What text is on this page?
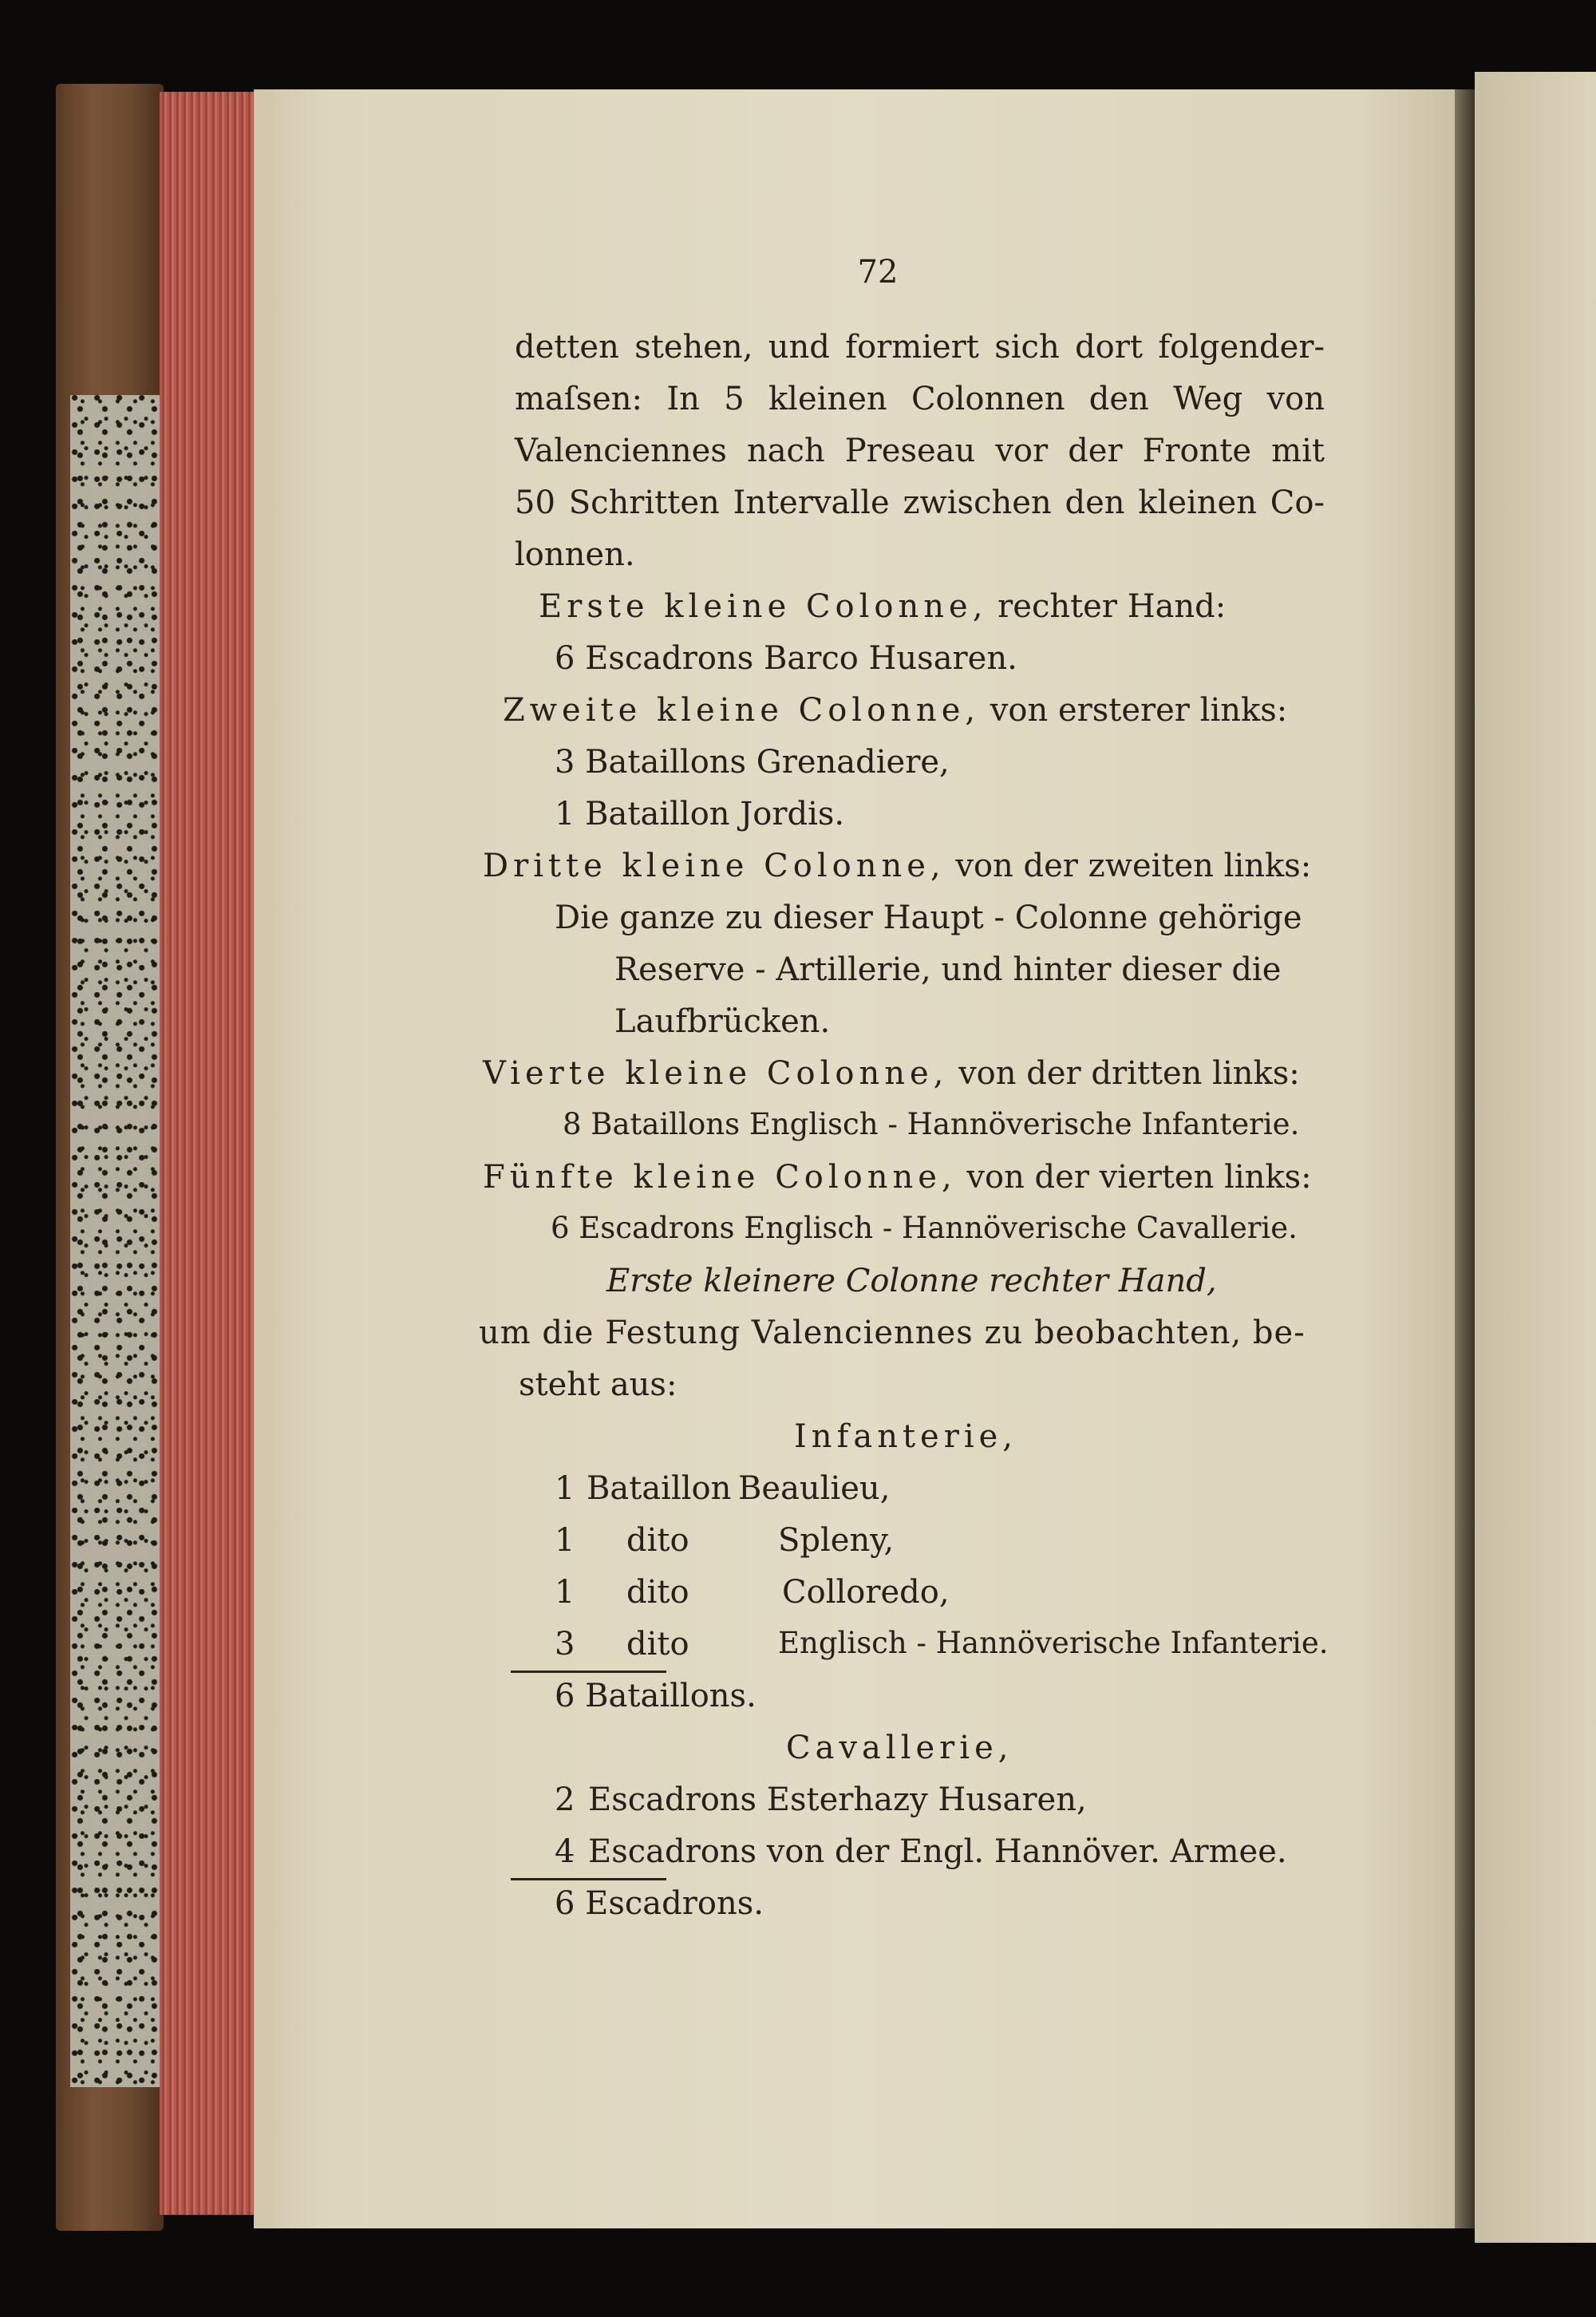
72
detten stehen, und formiert sich dort folgender-
maſsen: In 5 kleinen Colonnen den Weg von
Valenciennes nach Preseau vor der Fronte mit
50 Schritten Intervalle zwischen den kleinen Co-
lonnen.
Erste kleine Colonne, rechter Hand:
6 Escadrons Barco Husaren.
Zweite kleine Colonne, von ersterer links:
3 Bataillons Grenadiere,
1 Bataillon Jordis.
Dritte kleine Colonne, von der zweiten links:
Die ganze zu dieser Haupt - Colonne gehörige
Reserve - Artillerie, und hinter dieser die
Laufbrücken.
Vierte kleine Colonne, von der dritten links:
8 Bataillons Englisch - Hannöverische Infanterie.
Fünfte kleine Colonne, von der vierten links:
6 Escadrons Englisch - Hannöverische Cavallerie.
Erste kleinere Colonne rechter Hand,
um die Festung Valenciennes zu beobachten, be-
steht aus:
Infanterie,
1 Bataillon Beaulieu,
1 dito	Spleny,
1 dito	Colloredo,
3 dito	Englisch - Hannöverische Infanterie.
6 Bataillons.
Cavallerie,
2 Escadrons Esterhazy Husaren,
4 Escadrons von der Engl. Hannöver. Armee.
6 Escadrons.
